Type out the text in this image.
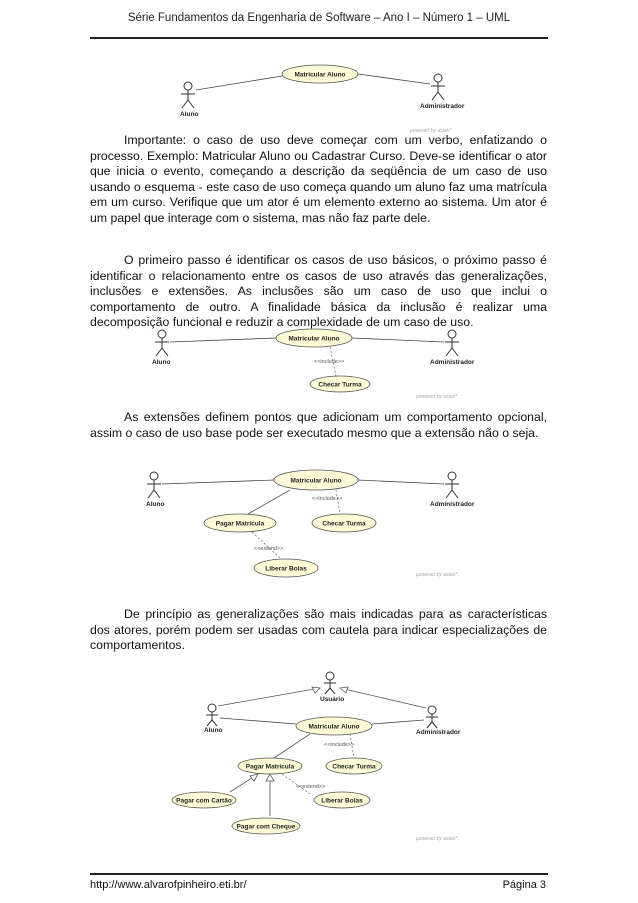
Série Fundamentos da Engenharia de Software – Ano I – Número 1 – UML
Aluno
Administrador
Matricular Aluno
powered by astah*

Importante: o caso de uso deve começar com um verbo, enfatizando o processo. Exemplo: Matricular Aluno ou Cadastrar Curso. Deve-se identificar o ator que inicia o evento, começando a descrição da seqüência de um caso de uso usando o esquema - este caso de uso começa quando um aluno faz uma matrícula em um curso. Verifique que um ator é um elemento externo ao sistema. Um ator é um papel que interage com o sistema, mas não faz parte dele.

O primeiro passo é identificar os casos de uso básicos, o próximo passo é identificar o relacionamento entre os casos de uso através das generalizações, inclusões e extensões. As inclusões são um caso de uso que inclui o comportamento de outro. A finalidade básica da inclusão é realizar uma decomposição funcional e reduzir a complexidade de um caso de uso.

Aluno	Administrador
Matricular Aluno
<<include>>
Checar Turma
powered by astah*

As extensões definem pontos que adicionam um comportamento opcional, assim o caso de uso base pode ser executado mesmo que a extensão não o seja.

Aluno	Administrador
Matricular Aluno
<<include>>
Pagar Matrícula	Checar Turma
<<extend>>
Liberar Bolas
powered by astah*

De princípio as generalizações são mais indicadas para as características dos atores, porém podem ser usadas com cautela para indicar especializações de comportamentos.

Usuário
Aluno	Administrador
Matricular Aluno
<<include>>
Pagar Matrícula	Checar Turma
<<extend>>
Pagar com Cartão	Liberar Bolas
Pagar com Cheque
powered by astah*
http://www.alvarofpinheiro.eti.br/	Página 3
